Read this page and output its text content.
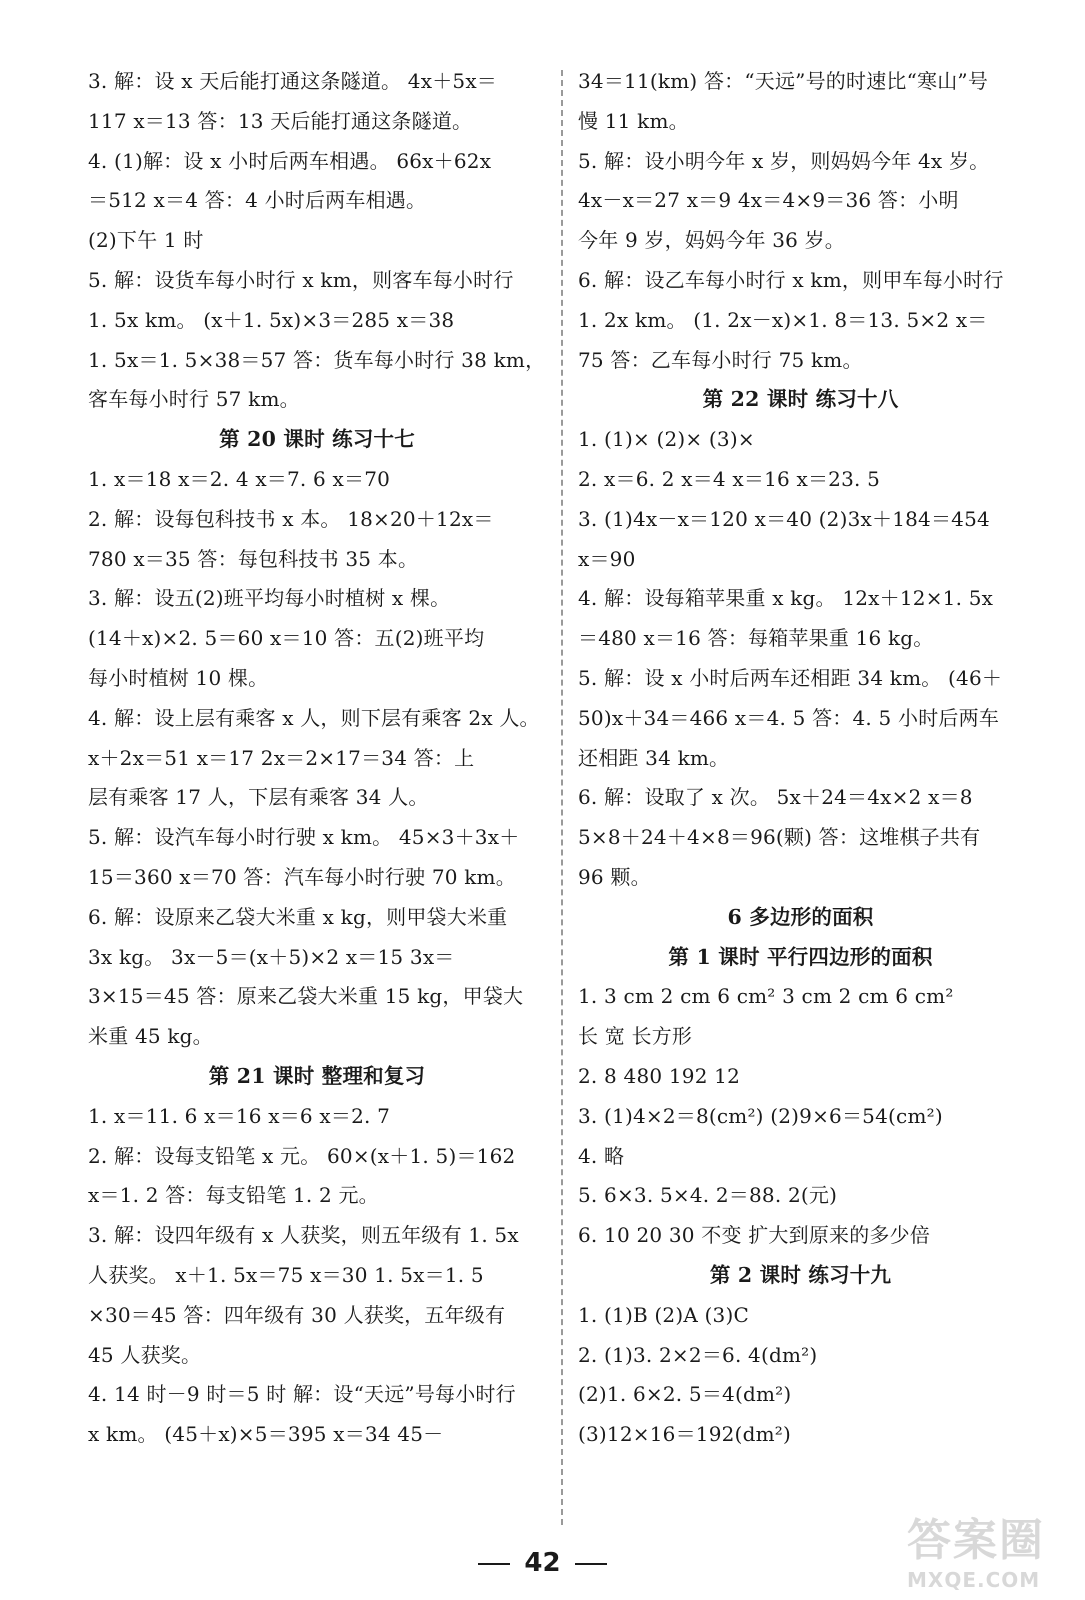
3. 解：设 x 天后能打通这条隧道。 4x＋5x＝
117 x＝13 答：13 天后能打通这条隧道。
4. (1)解：设 x 小时后两车相遇。 66x＋62x
＝512 x＝4 答：4 小时后两车相遇。
(2)下午 1 时
5. 解：设货车每小时行 x km，则客车每小时行
1. 5x km。 (x＋1. 5x)×3＝285 x＝38
1. 5x＝1. 5×38＝57 答：货车每小时行 38 km，
客车每小时行 57 km。
第 20 课时 练习十七
1. x＝18 x＝2. 4 x＝7. 6 x＝70
2. 解：设每包科技书 x 本。 18×20＋12x＝
780 x＝35 答：每包科技书 35 本。
3. 解：设五(2)班平均每小时植树 x 棵。
(14＋x)×2. 5＝60 x＝10 答：五(2)班平均
每小时植树 10 棵。
4. 解：设上层有乘客 x 人，则下层有乘客 2x 人。
x＋2x＝51 x＝17 2x＝2×17＝34 答：上
层有乘客 17 人，下层有乘客 34 人。
5. 解：设汽车每小时行驶 x km。 45×3＋3x＋
15＝360 x＝70 答：汽车每小时行驶 70 km。
6. 解：设原来乙袋大米重 x kg，则甲袋大米重
3x kg。 3x－5＝(x＋5)×2 x＝15 3x＝
3×15＝45 答：原来乙袋大米重 15 kg，甲袋大
米重 45 kg。
第 21 课时 整理和复习
1. x＝11. 6 x＝16 x＝6 x＝2. 7
2. 解：设每支铅笔 x 元。 60×(x＋1. 5)＝162
x＝1. 2 答：每支铅笔 1. 2 元。
3. 解：设四年级有 x 人获奖，则五年级有 1. 5x
人获奖。 x＋1. 5x＝75 x＝30 1. 5x＝1. 5
×30＝45 答：四年级有 30 人获奖，五年级有
45 人获奖。
4. 14 时－9 时＝5 时 解：设“天远”号每小时行
x km。 (45＋x)×5＝395 x＝34 45－
34＝11(km) 答：“天远”号的时速比“寒山”号
慢 11 km。
5. 解：设小明今年 x 岁，则妈妈今年 4x 岁。
4x－x＝27 x＝9 4x＝4×9＝36 答：小明
今年 9 岁，妈妈今年 36 岁。
6. 解：设乙车每小时行 x km，则甲车每小时行
1. 2x km。 (1. 2x－x)×1. 8＝13. 5×2 x＝
75 答：乙车每小时行 75 km。
第 22 课时 练习十八
1. (1)× (2)× (3)×
2. x＝6. 2 x＝4 x＝16 x＝23. 5
3. (1)4x－x＝120 x＝40 (2)3x＋184＝454
x＝90
4. 解：设每箱苹果重 x kg。 12x＋12×1. 5x
＝480 x＝16 答：每箱苹果重 16 kg。
5. 解：设 x 小时后两车还相距 34 km。 (46＋
50)x＋34＝466 x＝4. 5 答：4. 5 小时后两车
还相距 34 km。
6. 解：设取了 x 次。 5x＋24＝4x×2 x＝8
5×8＋24＋4×8＝96(颗) 答：这堆棋子共有
96 颗。
6 多边形的面积
第 1 课时 平行四边形的面积
1. 3 cm 2 cm 6 cm² 3 cm 2 cm 6 cm²
长 宽 长方形
2. 8 480 192 12
3. (1)4×2＝8(cm²) (2)9×6＝54(cm²)
4. 略
5. 6×3. 5×4. 2＝88. 2(元)
6. 10 20 30 不变 扩大到原来的多少倍
第 2 课时 练习十九
1. (1)B (2)A (3)C
2. (1)3. 2×2＝6. 4(dm²)
(2)1. 6×2. 5＝4(dm²)
(3)12×16＝192(dm²)
42	答案圈
MXQE.COM
